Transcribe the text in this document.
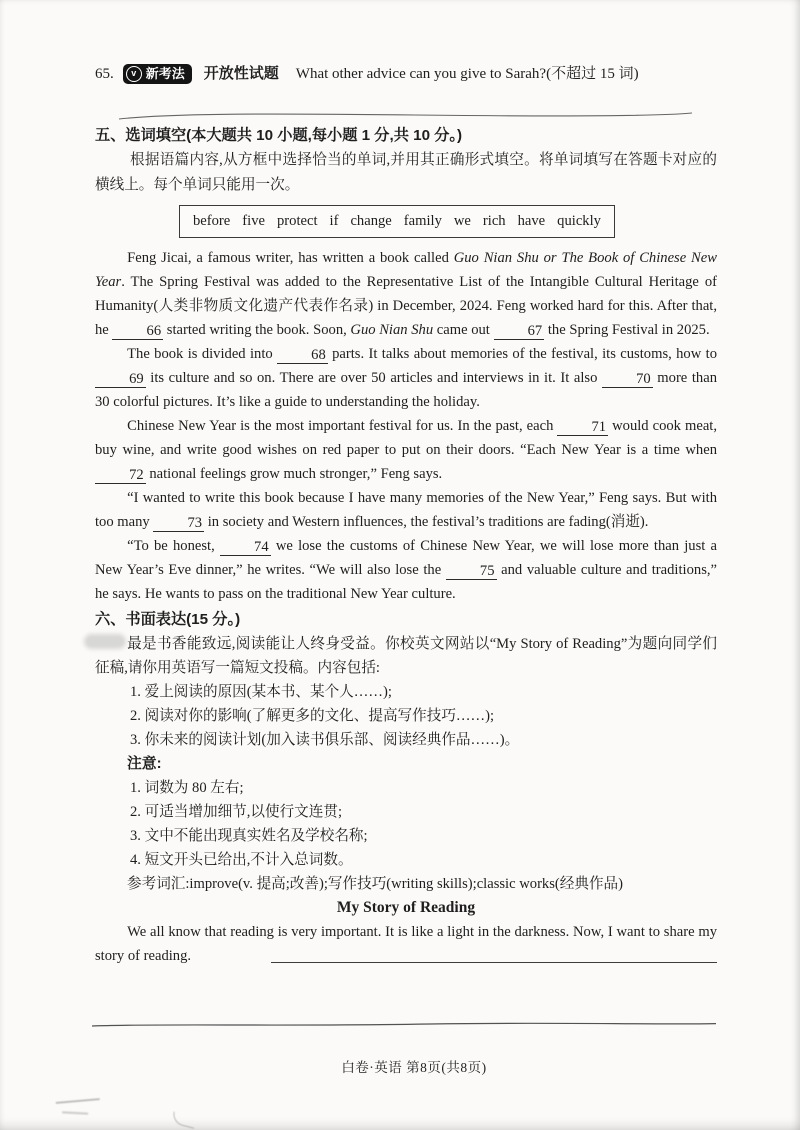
65.	v 新考法 开放性试题 What other advice can you give to Sarah?(不超过 15 词)

五、选词填空(本大题共 10 小题,每小题 1 分,共 10 分。)

根据语篇内容,从方框中选择恰当的单词,并用其正确形式填空。将单词填写在答题卡对应的横线上。每个单词只能用一次。

before five protect if change family we rich have quickly

Feng Jicai, a famous writer, has written a book called Guo Nian Shu or The Book of Chinese New Year. The Spring Festival was added to the Representative List of the Intangible Cultural Heritage of Humanity(人类非物质文化遗产代表作名录) in December, 2024. Feng worked hard for this. After that, he 66 started writing the book. Soon, Guo Nian Shu came out 67 the Spring Festival in 2025.

The book is divided into 68 parts. It talks about memories of the festival, its customs, how to 69 its culture and so on. There are over 50 articles and interviews in it. It also 70 more than 30 colorful pictures. It’s like a guide to understanding the holiday.

Chinese New Year is the most important festival for us. In the past, each 71 would cook meat, buy wine, and write good wishes on red paper to put on their doors. “Each New Year is a time when 72 national feelings grow much stronger,” Feng says.

“I wanted to write this book because I have many memories of the New Year,” Feng says. But with too many 73 in society and Western influences, the festival’s traditions are fading(消逝).

“To be honest, 74 we lose the customs of Chinese New Year, we will lose more than just a New Year’s Eve dinner,” he writes. “We will also lose the 75 and valuable culture and traditions,” he says. He wants to pass on the traditional New Year culture.

六、书面表达(15 分。)

最是书香能致远,阅读能让人终身受益。你校英文网站以“My Story of Reading”为题向同学们征稿,请你用英语写一篇短文投稿。内容包括:

1. 爱上阅读的原因(某本书、某个人……);

2. 阅读对你的影响(了解更多的文化、提高写作技巧……);

3. 你未来的阅读计划(加入读书俱乐部、阅读经典作品……)。

注意:

1. 词数为 80 左右;

2. 可适当增加细节,以使行文连贯;

3. 文中不能出现真实姓名及学校名称;

4. 短文开头已给出,不计入总词数。

参考词汇:improve(v. 提高;改善);写作技巧(writing skills);classic works(经典作品)

My Story of Reading

We all know that reading is very important. It is like a light in the darkness. Now, I want to share my story of reading.

白卷·英语 第8页(共8页)
